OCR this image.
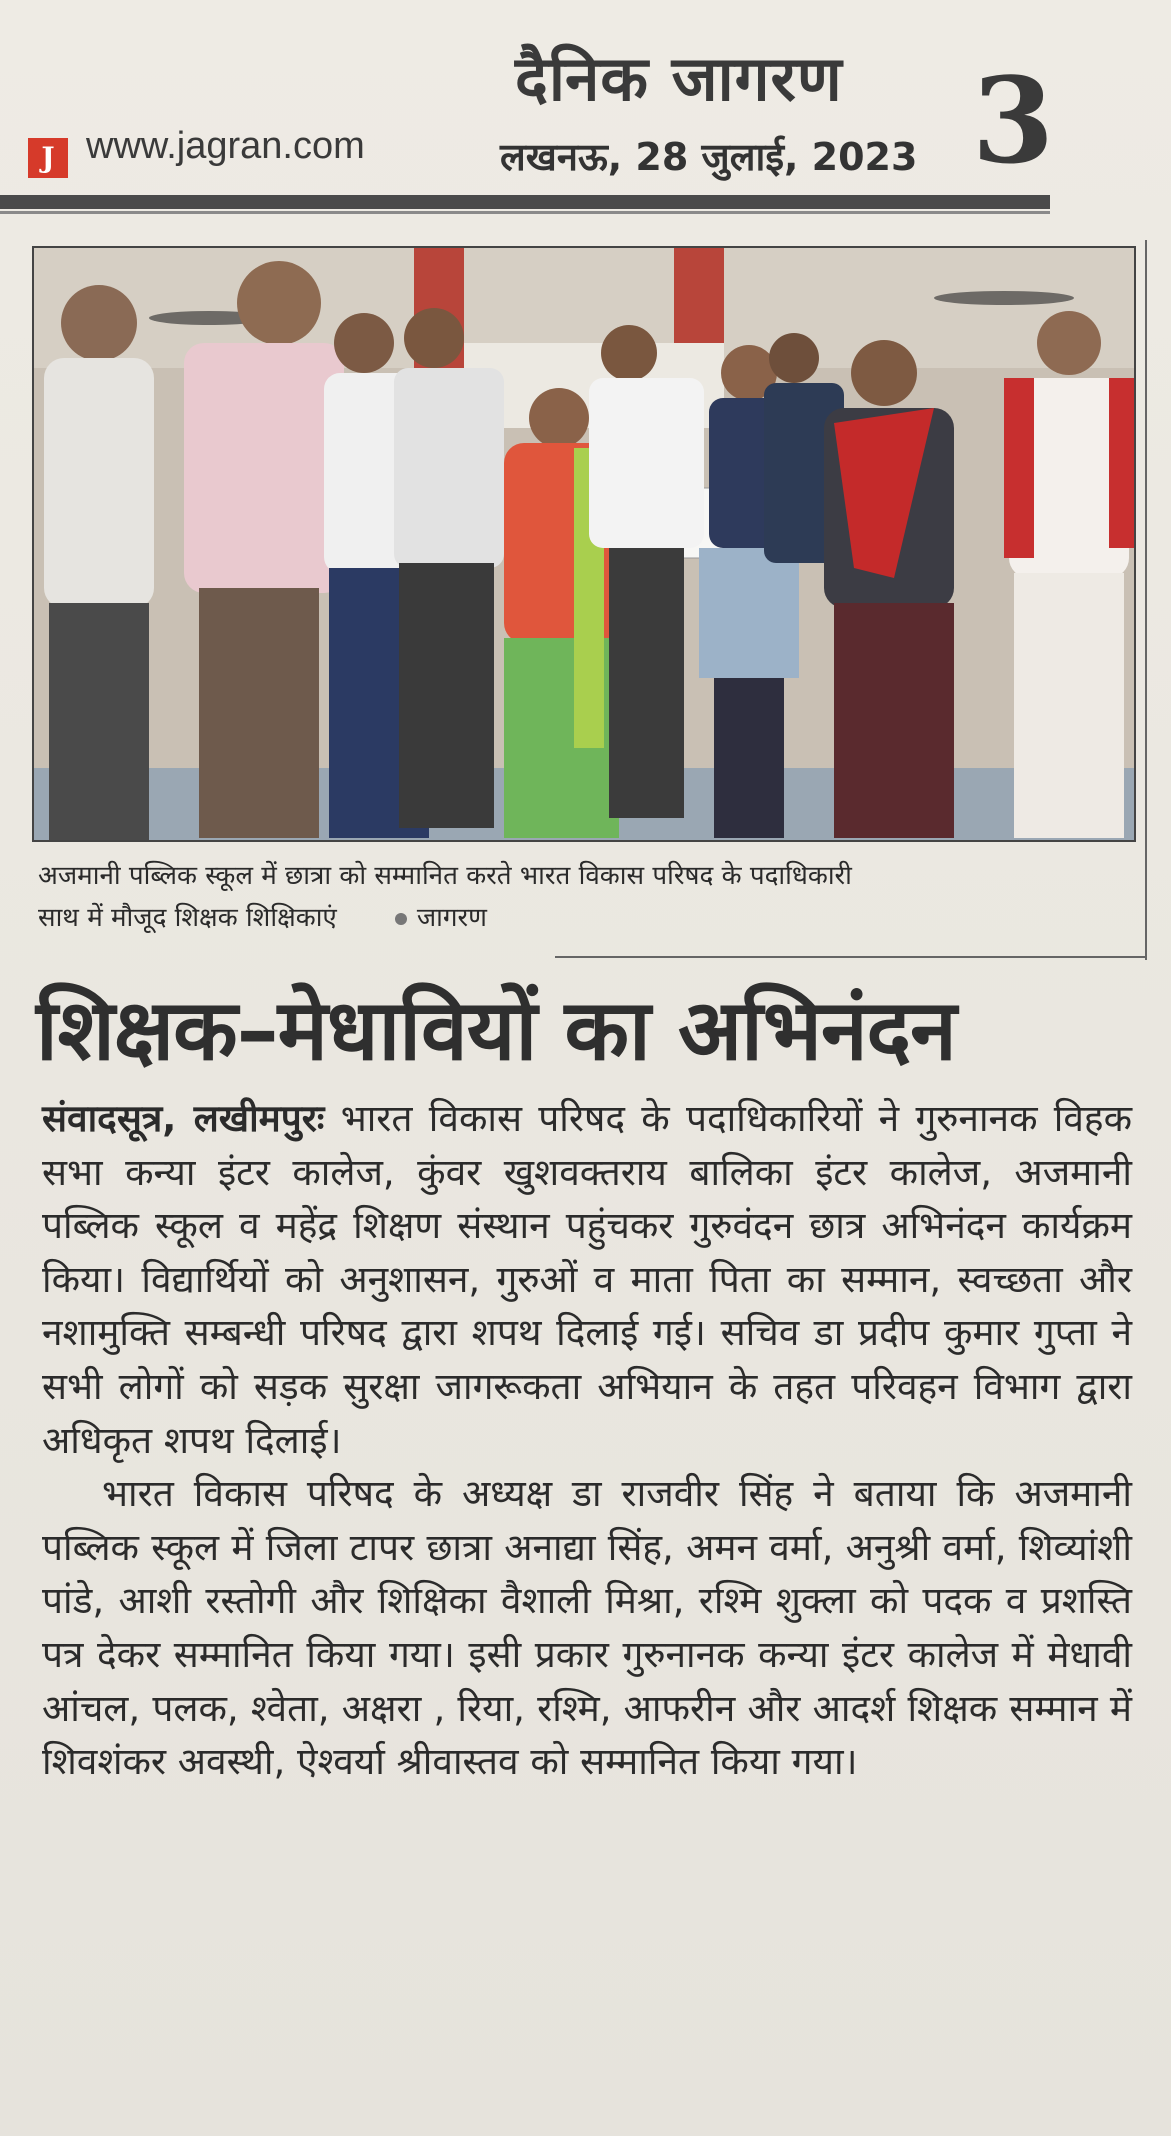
दैनिक जागरण
J www.jagran.com	लखनऊ, 28 जुलाई, 2023 3
अजमानी पब्लिक स्कूल में छात्रा को सम्मानित करते भारत विकास परिषद के पदाधिकारी
साथ में मौजूद शिक्षक शिक्षिकाएं	जागरण
शिक्षक–मेधावियों का अभिनंदन

संवादसूत्र, लखीमपुरः भारत विकास परिषद के पदाधिकारियों ने गुरुनानक विहक सभा कन्या इंटर कालेज, कुंवर खुशवक्तराय बालिका इंटर कालेज, अजमानी पब्लिक स्कूल व महेंद्र शिक्षण संस्थान पहुंचकर गुरुवंदन छात्र अभिनंदन कार्यक्रम किया। विद्यार्थियों को अनुशासन, गुरुओं व माता पिता का सम्मान, स्वच्छता और नशामुक्ति सम्बन्धी परिषद द्वारा शपथ दिलाई गई। सचिव डा प्रदीप कुमार गुप्ता ने सभी लोगों को सड़क सुरक्षा जागरूकता अभियान के तहत परिवहन विभाग द्वारा अधिकृत शपथ दिलाई।

भारत विकास परिषद के अध्यक्ष डा राजवीर सिंह ने बताया कि अजमानी पब्लिक स्कूल में जिला टापर छात्रा अनाद्या सिंह, अमन वर्मा, अनुश्री वर्मा, शिव्यांशी पांडे, आशी रस्तोगी और शिक्षिका वैशाली मिश्रा, रश्मि शुक्ला को पदक व प्रशस्ति पत्र देकर सम्मानित किया गया। इसी प्रकार गुरुनानक कन्या इंटर कालेज में मेधावी आंचल, पलक, श्वेता, अक्षरा , रिया, रश्मि, आफरीन और आदर्श शिक्षक सम्मान में शिवशंकर अवस्थी, ऐश्वर्या श्रीवास्तव को सम्मानित किया गया।
